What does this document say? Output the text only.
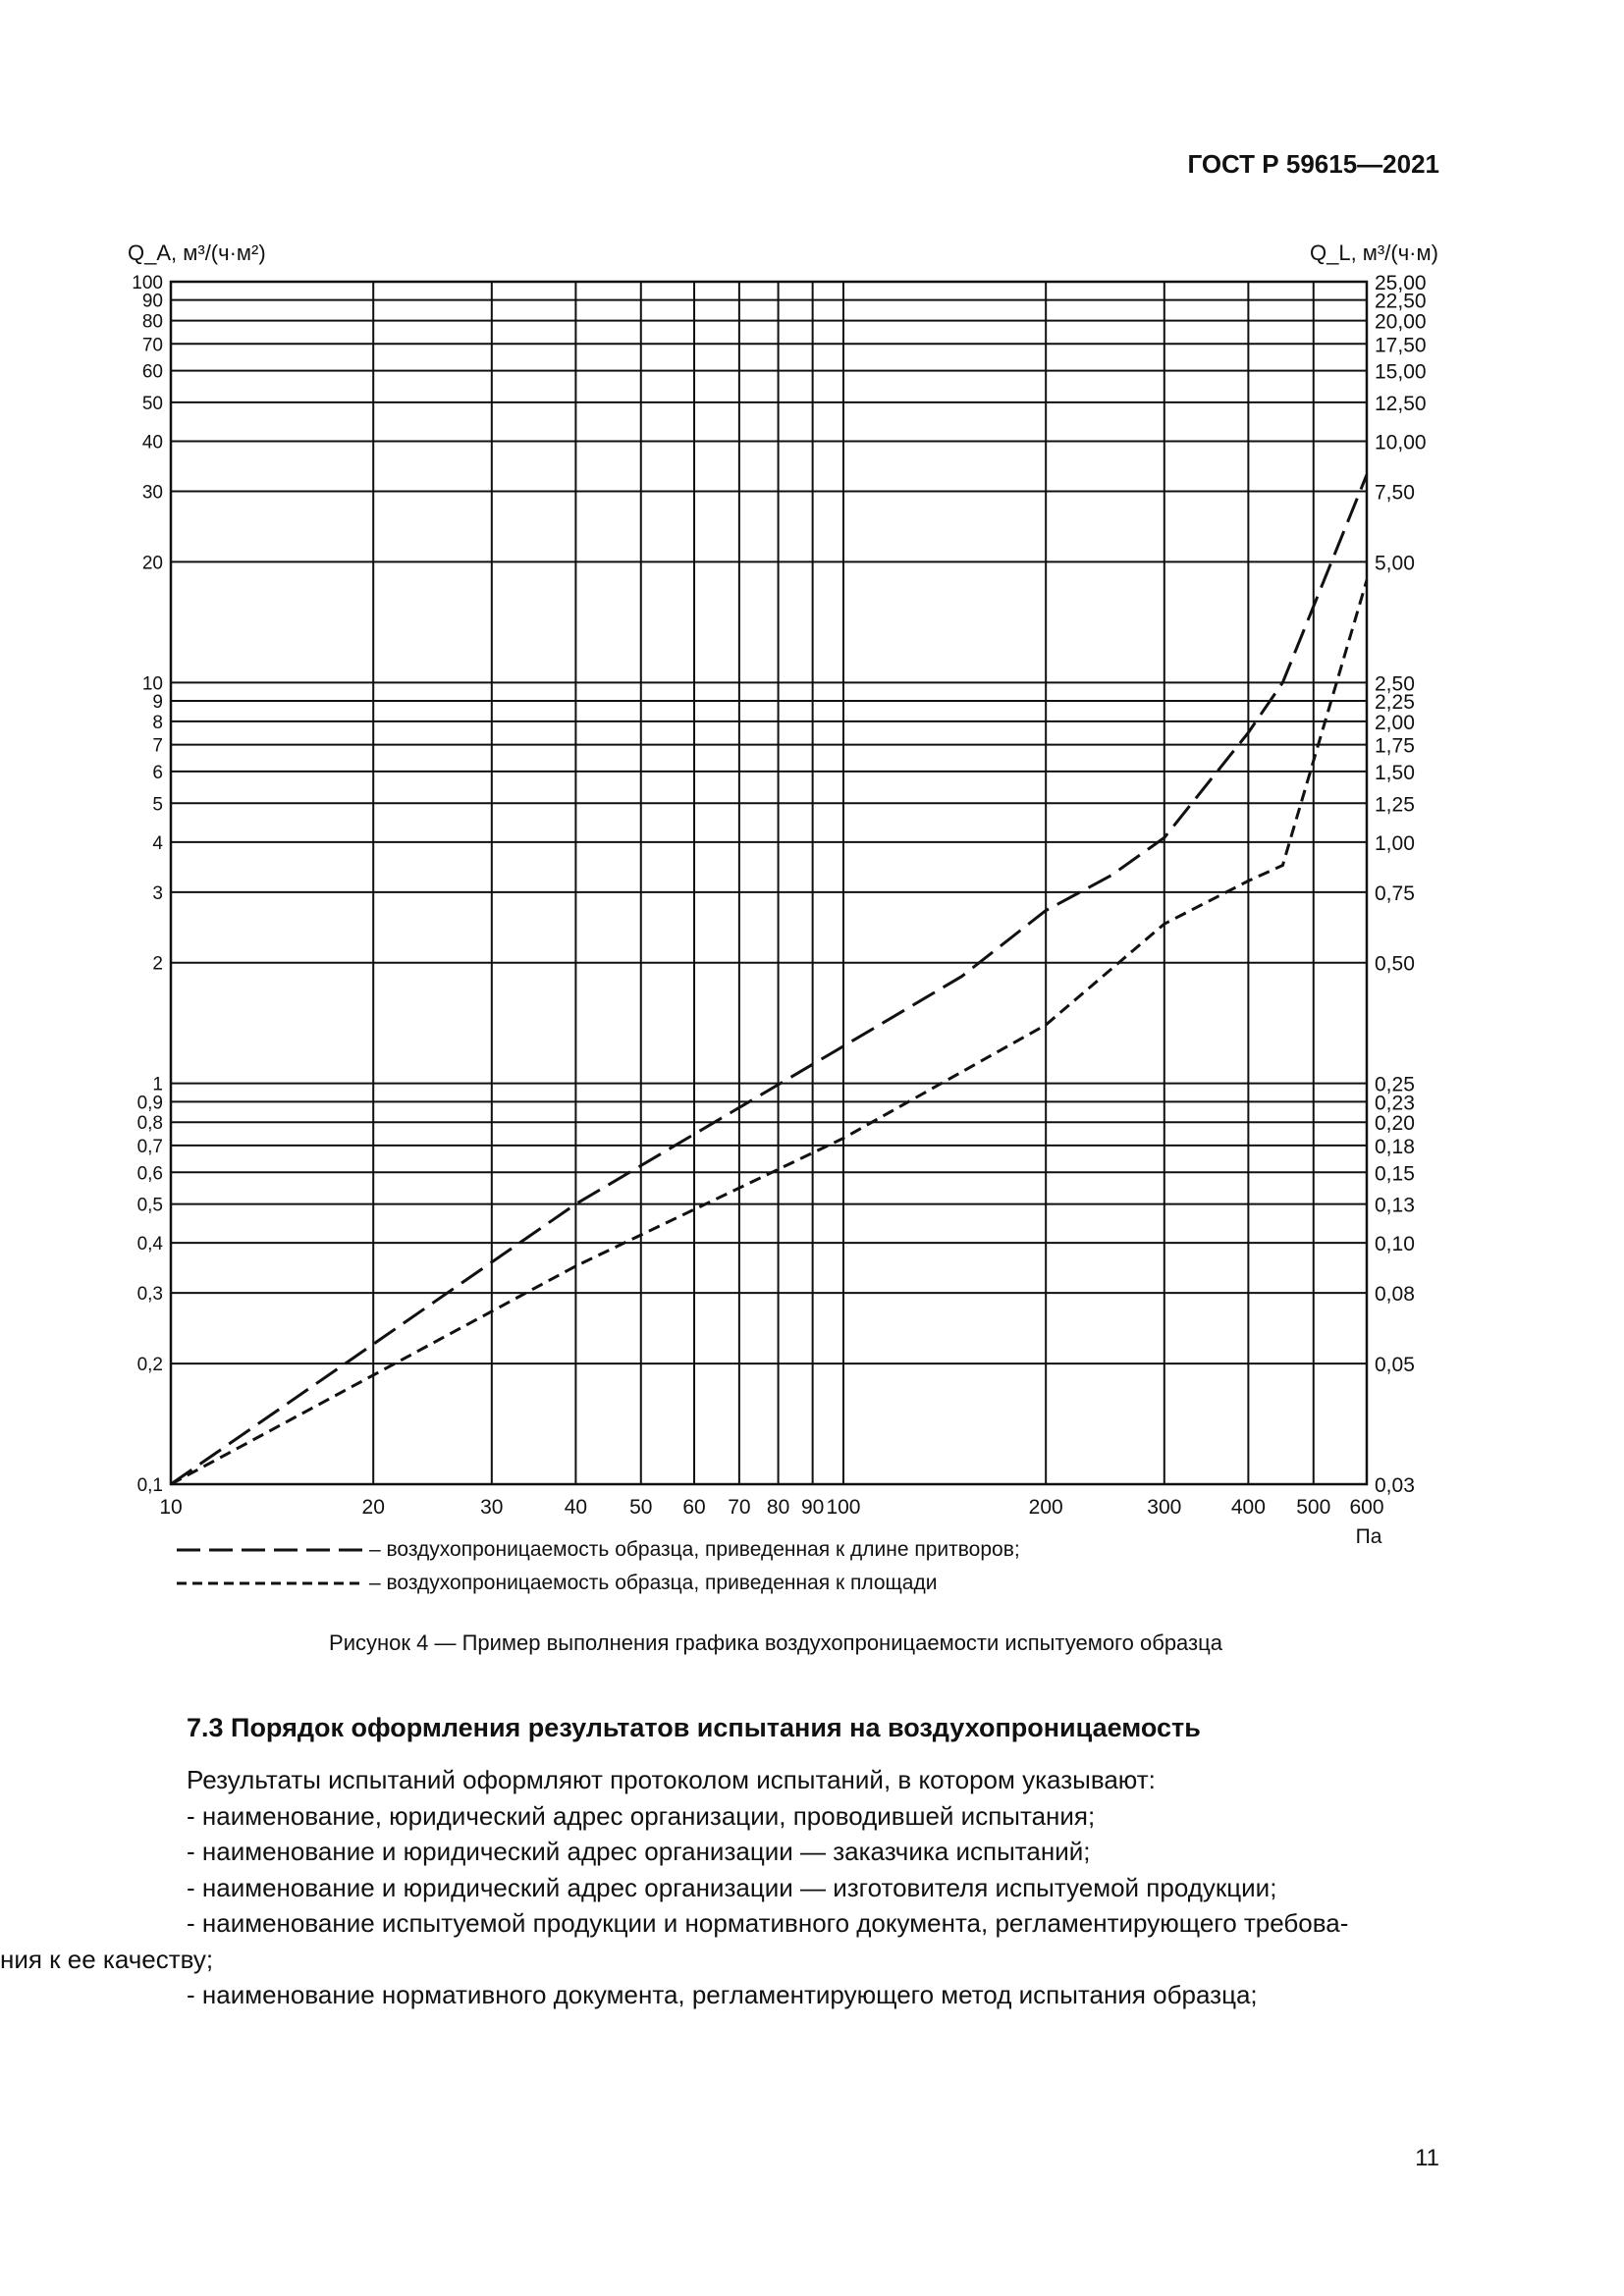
ГОСТ Р 59615—2021
10	20	30	40 50 60 70 80 90 100	200	300 400 500 600
Па
0,1	0,03
0,2	0,05
0,3	0,08
0,4	0,10
0,5	0,13
0,6	0,15
0,7	0,18
0,8	0,20
0,9	0,23
1	0,25
2	0,50
3	0,75
4	1,00
5	1,25
6	1,50
7	1,75
8	2,00
9	2,25
10	2,50
20	5,00
30	7,50
40	10,00
50	12,50
60	15,00
70	17,50
80	20,00
90	22,50
100	25,00
Q_A, м³/(ч·м²)	Q_L, м³/(ч·м)
– воздухопроницаемость образца, приведенная к длине притворов;
– воздухопроницаемость образца, приведенная к площади
Рисунок 4 — Пример выполнения графика воздухопроницаемости испытуемого образца
7.3 Порядок оформления результатов испытания на воздухопроницаемость

Результаты испытаний оформляют протоколом испытаний, в котором указывают:

- наименование, юридический адрес организации, проводившей испытания;

- наименование и юридический адрес организации — заказчика испытаний;

- наименование и юридический адрес организации — изготовителя испытуемой продукции;

- наименование испытуемой продукции и нормативного документа, регламентирующего требова-

ния к ее качеству;

- наименование нормативного документа, регламентирующего метод испытания образца;

11
